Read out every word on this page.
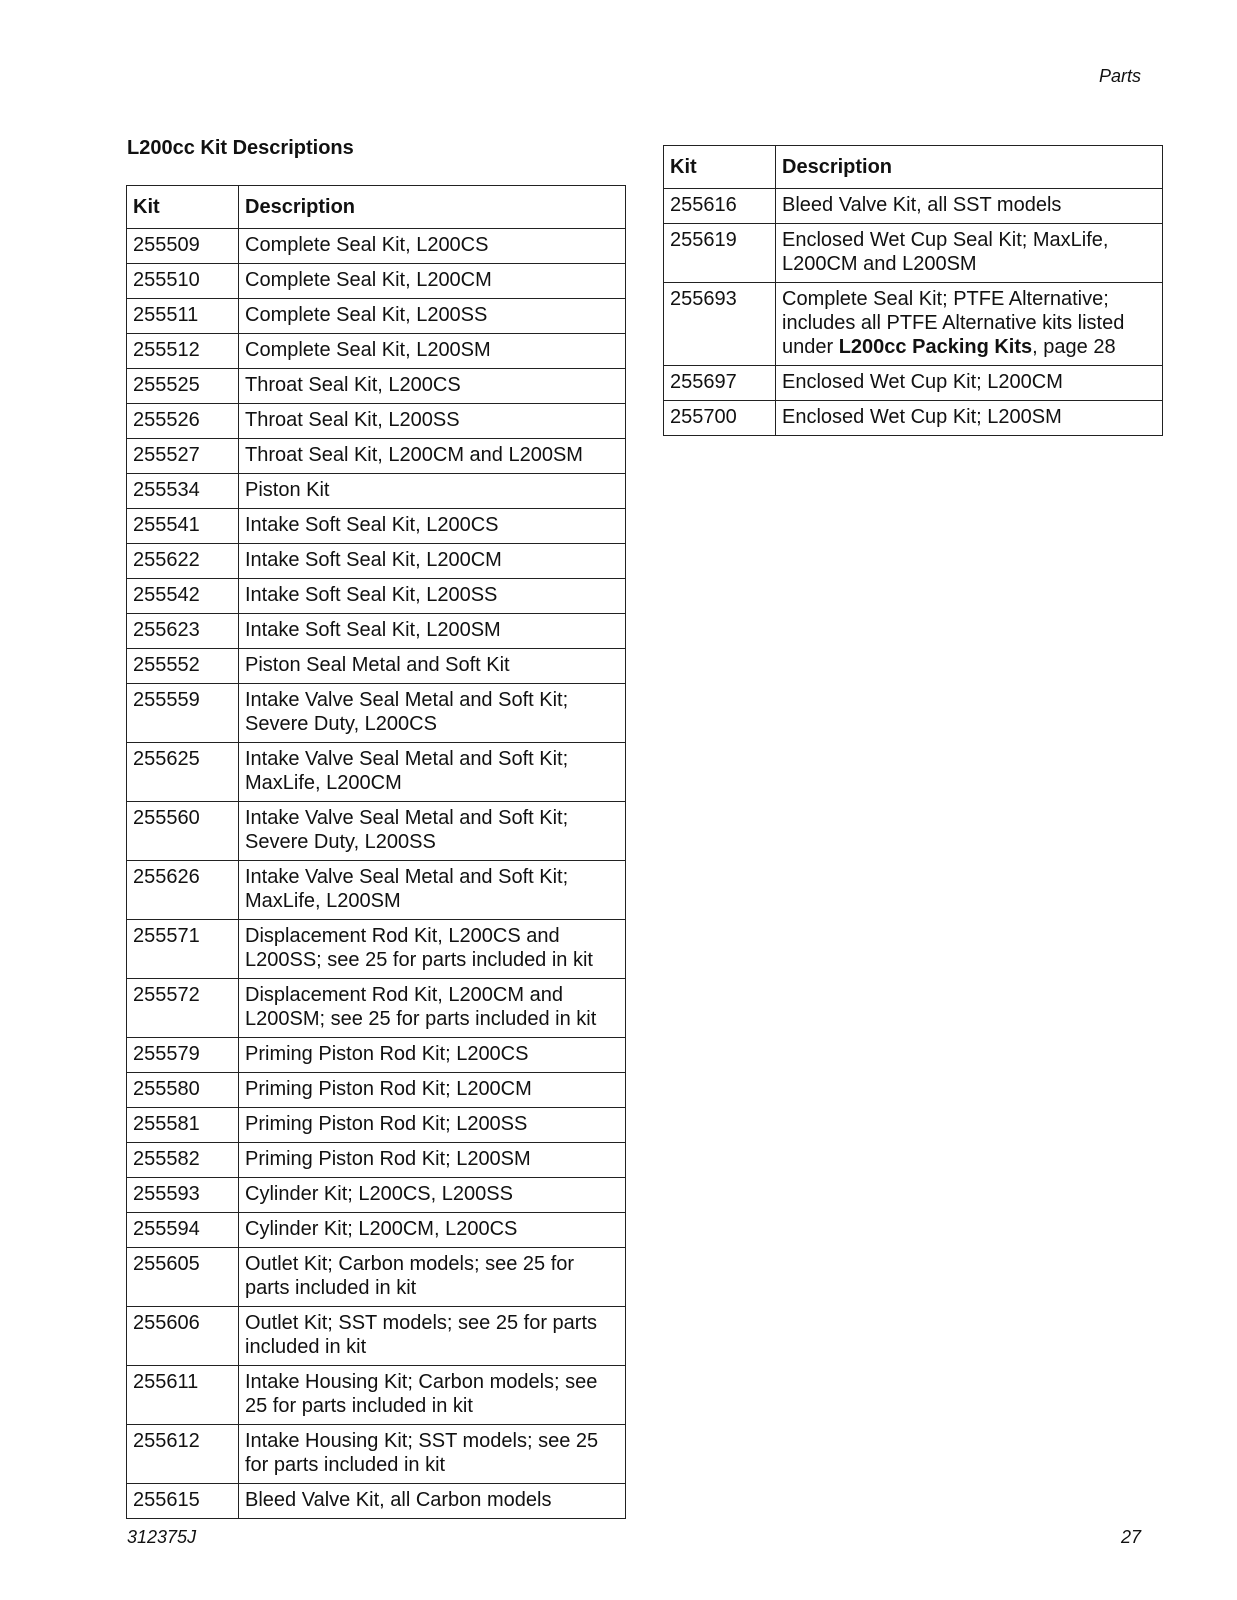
Parts
L200cc Kit Descriptions
Kit	Description
255509	Complete Seal Kit, L200CS
255510	Complete Seal Kit, L200CM
255511	Complete Seal Kit, L200SS
255512	Complete Seal Kit, L200SM
255525	Throat Seal Kit, L200CS
255526	Throat Seal Kit, L200SS
255527	Throat Seal Kit, L200CM and L200SM
255534	Piston Kit
255541	Intake Soft Seal Kit, L200CS
255622	Intake Soft Seal Kit, L200CM
255542	Intake Soft Seal Kit, L200SS
255623	Intake Soft Seal Kit, L200SM
255552	Piston Seal Metal and Soft Kit
255559	Intake Valve Seal Metal and Soft Kit; Severe Duty, L200CS
255625	Intake Valve Seal Metal and Soft Kit; MaxLife, L200CM
255560	Intake Valve Seal Metal and Soft Kit; Severe Duty, L200SS
255626	Intake Valve Seal Metal and Soft Kit; MaxLife, L200SM
255571	Displacement Rod Kit, L200CS and L200SS; see 25 for parts included in kit
255572	Displacement Rod Kit, L200CM and L200SM; see 25 for parts included in kit
255579	Priming Piston Rod Kit; L200CS
255580	Priming Piston Rod Kit; L200CM
255581	Priming Piston Rod Kit; L200SS
255582	Priming Piston Rod Kit; L200SM
255593	Cylinder Kit; L200CS, L200SS
255594	Cylinder Kit; L200CM, L200CS
255605	Outlet Kit; Carbon models; see 25 for parts included in kit
255606	Outlet Kit; SST models; see 25 for parts included in kit
255611	Intake Housing Kit; Carbon models; see 25 for parts included in kit
255612	Intake Housing Kit; SST models; see 25 for parts included in kit
255615	Bleed Valve Kit, all Carbon models
Kit	Description
255616	Bleed Valve Kit, all SST models
255619	Enclosed Wet Cup Seal Kit; MaxLife, L200CM and L200SM
255693	Complete Seal Kit; PTFE Alternative; includes all PTFE Alternative kits listed under L200cc Packing Kits, page 28
255697	Enclosed Wet Cup Kit; L200CM
255700	Enclosed Wet Cup Kit; L200SM
312375J	27
